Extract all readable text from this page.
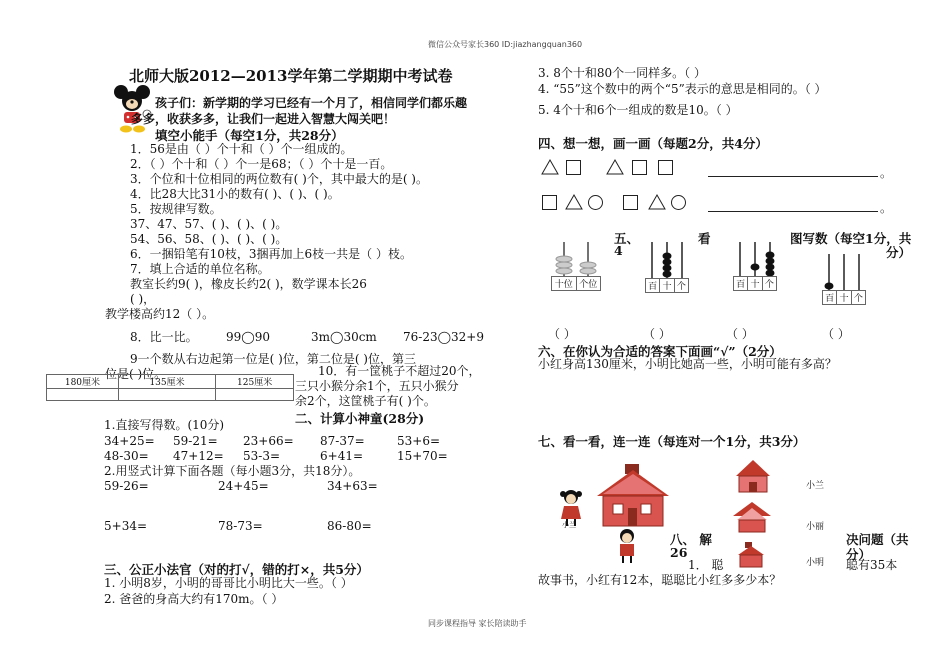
微信公众号家长360 ID:jiazhangquan360
同步课程指导 家长陪读助手
北师大版2012—2013学年第二学期期中考试卷
孩子们：新学期的学习已经有一个月了，相信同学们都乐趣
多多，收获多多，让我们一起进入智慧大闯关吧！
填空小能手（每空1分，共28分）
1．56是由（ ）个十和（ ）个一组成的。
2．（ ）个十和（ ）个一是68；（ ）个十是一百。
3．个位和十位相同的两位数有( )个，其中最大的是( )。
4．比28大比31小的数有( )、( )、( )。
5．按规律写数。
37、47、57、( )、( )、( )。
54、56、58、( )、( )、( )。
6．一捆铅笔有10枝，3捆再加上6枝一共是（ ）枝。
7．填上合适的单位名称。
教室长约9( )，橡皮长约2( )，数学课本长26
( )，
教学楼高约12（ ）。
8．比一比。 99◯90	3m◯30cm 76-23◯32+9
9一个数从右边起第一位是( )位，第二位是( )位，第三
位是( )位。
180厘米	135厘米	125厘米

10．有一筐桃子不超过20个，
三只小猴分余1个，五只小猴分
余2个，这筐桃子有( )个。
二、计算小神童(28分)
1.直接写得数。(10分)
34+25= 59-21= 23+66= 87-37=	53+6=
48-30= 47+12= 53-3=	6+41=	15+70=
2.用竖式计算下面各题（每小题3分，共18分）。
59-26=	24+45=	34+63=
5+34=	78-73=	86-80=
三、公正小法官（对的打√，错的打×，共5分）
1. 小明8岁，小明的哥哥比小明比大一些。（ ）
2. 爸爸的身高大约有170m。（ ）
3. 8个十和80个一同样多。（ ）
4. “55”这个数中的两个“5”表示的意思是相同的。（ ）
5. 4个十和6个一组成的数是10。（ ）
四、想一想，画一画（每题2分，共4分）
。
。
五、	看	图写数（每空1分，共
4	分）
十位	个位	百	十	个	百	十	个
百	十	个
（ ）	（ ）	（ ）	（ ）
六、在你认为合适的答案下面画“√”（2分）
小红身高130厘米，小明比她高一些，小明可能有多高？
七、看一看，连一连（每连对一个1分，共3分）
小兰
小兰
小丽
小明
八、 解	决问题（共
26	分）
1． 聪	聪有35本
故事书，小红有12本，聪聪比小红多多少本？
